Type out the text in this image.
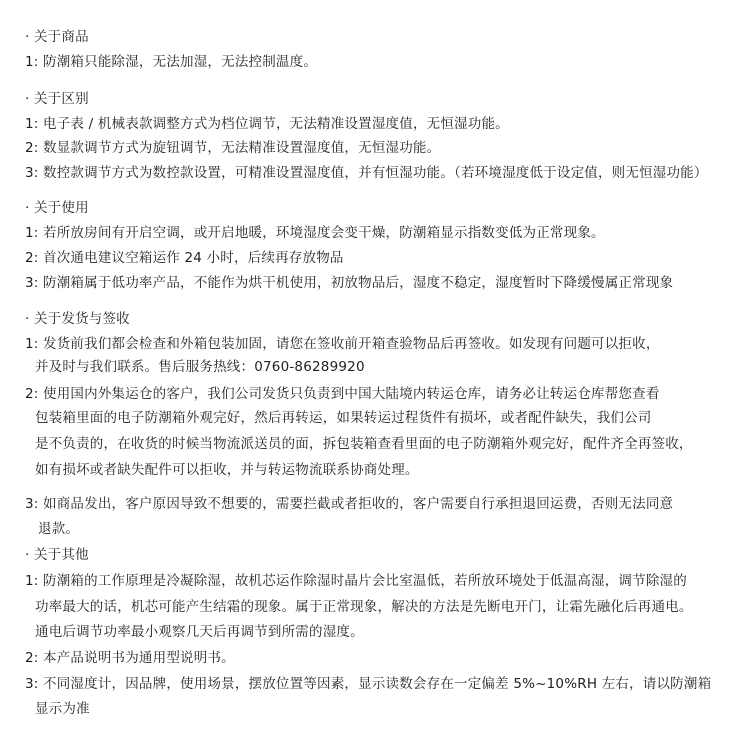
· 关于商品
1: 防潮箱只能除湿，无法加湿，无法控制温度。
· 关于区别
1: 电子表 / 机械表款调整方式为档位调节，无法精准设置湿度值，无恒湿功能。
2: 数显款调节方式为旋钮调节，无法精准设置湿度值，无恒湿功能。
3: 数控款调节方式为数控款设置，可精准设置湿度值，并有恒湿功能。（若环境湿度低于设定值，则无恒湿功能）
· 关于使用
1: 若所放房间有开启空调，或开启地暖，环境湿度会变干燥，防潮箱显示指数变低为正常现象。
2: 首次通电建议空箱运作 24 小时，后续再存放物品
3: 防潮箱属于低功率产品，不能作为烘干机使用，初放物品后，湿度不稳定，湿度暂时下降缓慢属正常现象
· 关于发货与签收
1: 发货前我们都会检查和外箱包装加固，请您在签收前开箱查验物品后再签收。如发现有问题可以拒收，
并及时与我们联系。售后服务热线：0760-86289920
2: 使用国内外集运仓的客户，我们公司发货只负责到中国大陆境内转运仓库，请务必让转运仓库帮您查看
包装箱里面的电子防潮箱外观完好，然后再转运，如果转运过程货件有损坏，或者配件缺失，我们公司
是不负责的，在收货的时候当物流派送员的面，拆包装箱查看里面的电子防潮箱外观完好，配件齐全再签收，
如有损坏或者缺失配件可以拒收，并与转运物流联系协商处理。
3: 如商品发出，客户原因导致不想要的，需要拦截或者拒收的，客户需要自行承担退回运费，否则无法同意
退款。
· 关于其他
1: 防潮箱的工作原理是冷凝除湿，故机芯运作除湿时晶片会比室温低，若所放环境处于低温高湿，调节除湿的
功率最大的话，机芯可能产生结霜的现象。属于正常现象，解决的方法是先断电开门，让霜先融化后再通电。
通电后调节功率最小观察几天后再调节到所需的湿度。
2: 本产品说明书为通用型说明书。
3: 不同湿度计，因品牌，使用场景，摆放位置等因素，显示读数会存在一定偏差 5%~10%RH 左右，请以防潮箱
显示为准
